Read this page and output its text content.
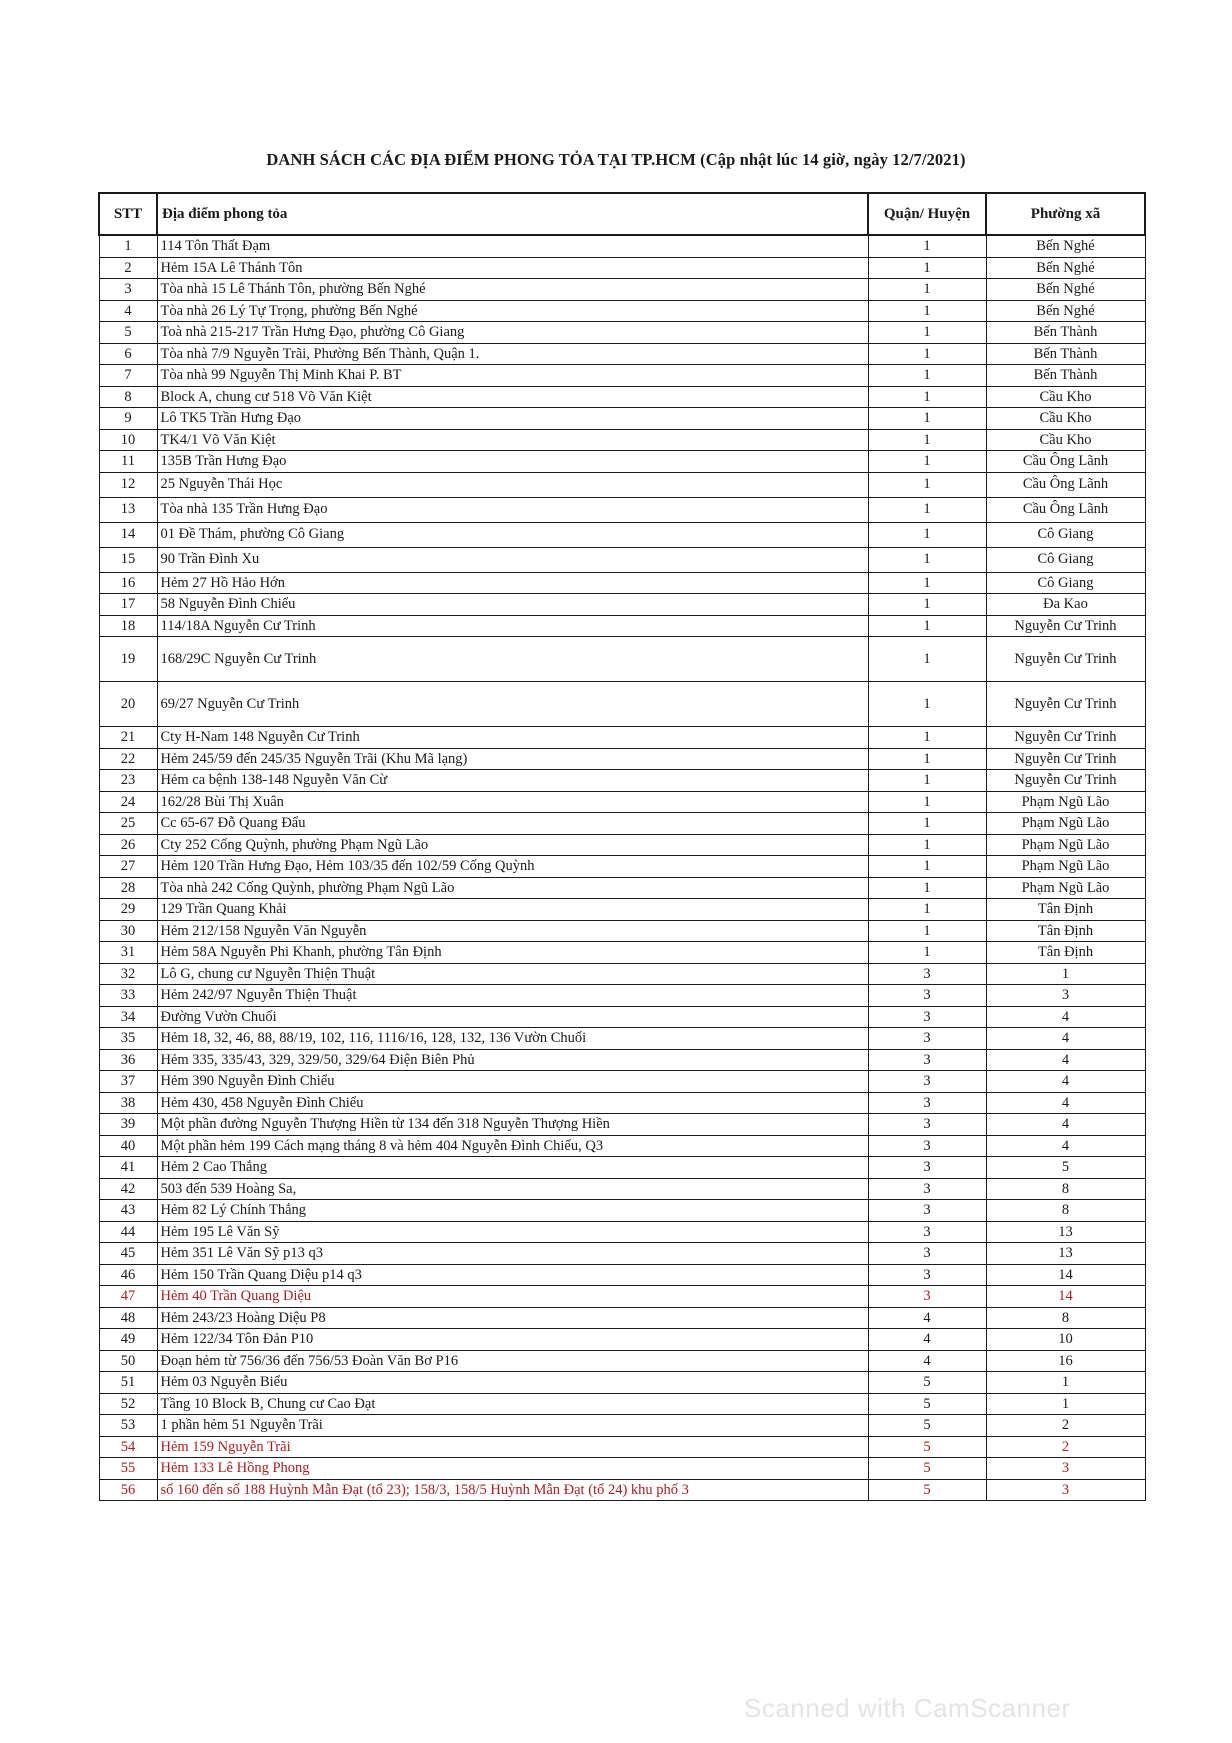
DANH SÁCH CÁC ĐỊA ĐIỂM PHONG TỎA TẠI TP.HCM (Cập nhật lúc 14 giờ, ngày 12/7/2021)
STT	Địa điểm phong tỏa	Quận/ Huyện	Phường xã
1	114 Tôn Thất Đạm	1	Bến Nghé
2	Hẻm 15A Lê Thánh Tôn	1	Bến Nghé
3	Tòa nhà 15 Lê Thánh Tôn, phường Bến Nghé	1	Bến Nghé
4	Tòa nhà 26 Lý Tự Trọng, phường Bến Nghé	1	Bến Nghé
5	Toà nhà 215-217 Trần Hưng Đạo, phường Cô Giang	1	Bến Thành
6	Tòa nhà 7/9 Nguyễn Trãi, Phường Bến Thành, Quận 1.	1	Bến Thành
7	Tòa nhà 99 Nguyễn Thị Minh Khai P. BT	1	Bến Thành
8	Block A, chung cư 518 Võ Văn Kiệt	1	Cầu Kho
9	Lô TK5 Trần Hưng Đạo	1	Cầu Kho
10	TK4/1 Võ Văn Kiệt	1	Cầu Kho
11	135B Trần Hưng Đạo	1	Cầu Ông Lãnh
12	25 Nguyễn Thái Học	1	Cầu Ông Lãnh
13	Tòa nhà 135 Trần Hưng Đạo	1	Cầu Ông Lãnh
14	01 Đề Thám, phường Cô Giang	1	Cô Giang
15	90 Trần Đình Xu	1	Cô Giang
16	Hẻm 27 Hồ Hảo Hớn	1	Cô Giang
17	58 Nguyễn Đình Chiểu	1	Đa Kao
18	114/18A Nguyễn Cư Trinh	1	Nguyễn Cư Trinh
19	168/29C Nguyễn Cư Trinh	1	Nguyễn Cư Trinh
20	69/27 Nguyễn Cư Trinh	1	Nguyễn Cư Trinh
21	Cty H-Nam 148 Nguyễn Cư Trinh	1	Nguyễn Cư Trinh
22	Hẻm 245/59 đến 245/35 Nguyễn Trãi (Khu Mã lạng)	1	Nguyễn Cư Trinh
23	Hẻm ca bệnh 138-148 Nguyễn Văn Cừ	1	Nguyễn Cư Trinh
24	162/28 Bùi Thị Xuân	1	Phạm Ngũ Lão
25	Cc 65-67 Đỗ Quang Đẩu	1	Phạm Ngũ Lão
26	Cty 252 Cống Quỳnh, phường Phạm Ngũ Lão	1	Phạm Ngũ Lão
27	Hẻm 120 Trần Hưng Đạo, Hẻm 103/35 đến 102/59 Cống Quỳnh	1	Phạm Ngũ Lão
28	Tòa nhà 242 Cống Quỳnh, phường Phạm Ngũ Lão	1	Phạm Ngũ Lão
29	129 Trần Quang Khải	1	Tân Định
30	Hẻm 212/158 Nguyễn Văn Nguyễn	1	Tân Định
31	Hẻm 58A Nguyễn Phi Khanh, phường Tân Định	1	Tân Định
32	Lô G, chung cư Nguyễn Thiện Thuật	3	1
33	Hẻm 242/97 Nguyễn Thiện Thuật	3	3
34	Đường Vườn Chuối	3	4
35	Hẻm 18, 32, 46, 88, 88/19, 102, 116, 1116/16, 128, 132, 136 Vườn Chuối	3	4
36	Hẻm 335, 335/43, 329, 329/50, 329/64 Điện Biên Phủ	3	4
37	Hẻm 390 Nguyễn Đình Chiểu	3	4
38	Hẻm 430, 458 Nguyễn Đình Chiểu	3	4
39	Một phần đường Nguyễn Thượng Hiền từ 134 đến 318 Nguyễn Thượng Hiền	3	4
40	Một phần hẻm 199 Cách mạng tháng 8 và hẻm 404 Nguyễn Đình Chiểu, Q3	3	4
41	Hẻm 2 Cao Thắng	3	5
42	503 đến 539 Hoàng Sa,	3	8
43	Hẻm 82 Lý Chính Thắng	3	8
44	Hẻm 195 Lê Văn Sỹ	3	13
45	Hẻm 351 Lê Văn Sỹ p13 q3	3	13
46	Hẻm 150 Trần Quang Diệu p14 q3	3	14
47	Hẻm 40 Trần Quang Diệu	3	14
48	Hẻm 243/23 Hoàng Diệu P8	4	8
49	Hẻm 122/34 Tôn Đản P10	4	10
50	Đoạn hẻm từ 756/36 đến 756/53 Đoàn Văn Bơ P16	4	16
51	Hẻm 03 Nguyễn Biểu	5	1
52	Tầng 10 Block B, Chung cư Cao Đạt	5	1
53	1 phần hẻm 51 Nguyễn Trãi	5	2
54	Hẻm 159 Nguyễn Trãi	5	2
55	Hẻm 133 Lê Hồng Phong	5	3
56	số 160 đến số 188 Huỳnh Mẫn Đạt (tổ 23); 158/3, 158/5 Huỳnh Mẫn Đạt (tổ 24) khu phố 3	5	3
Scanned with CamScanner
